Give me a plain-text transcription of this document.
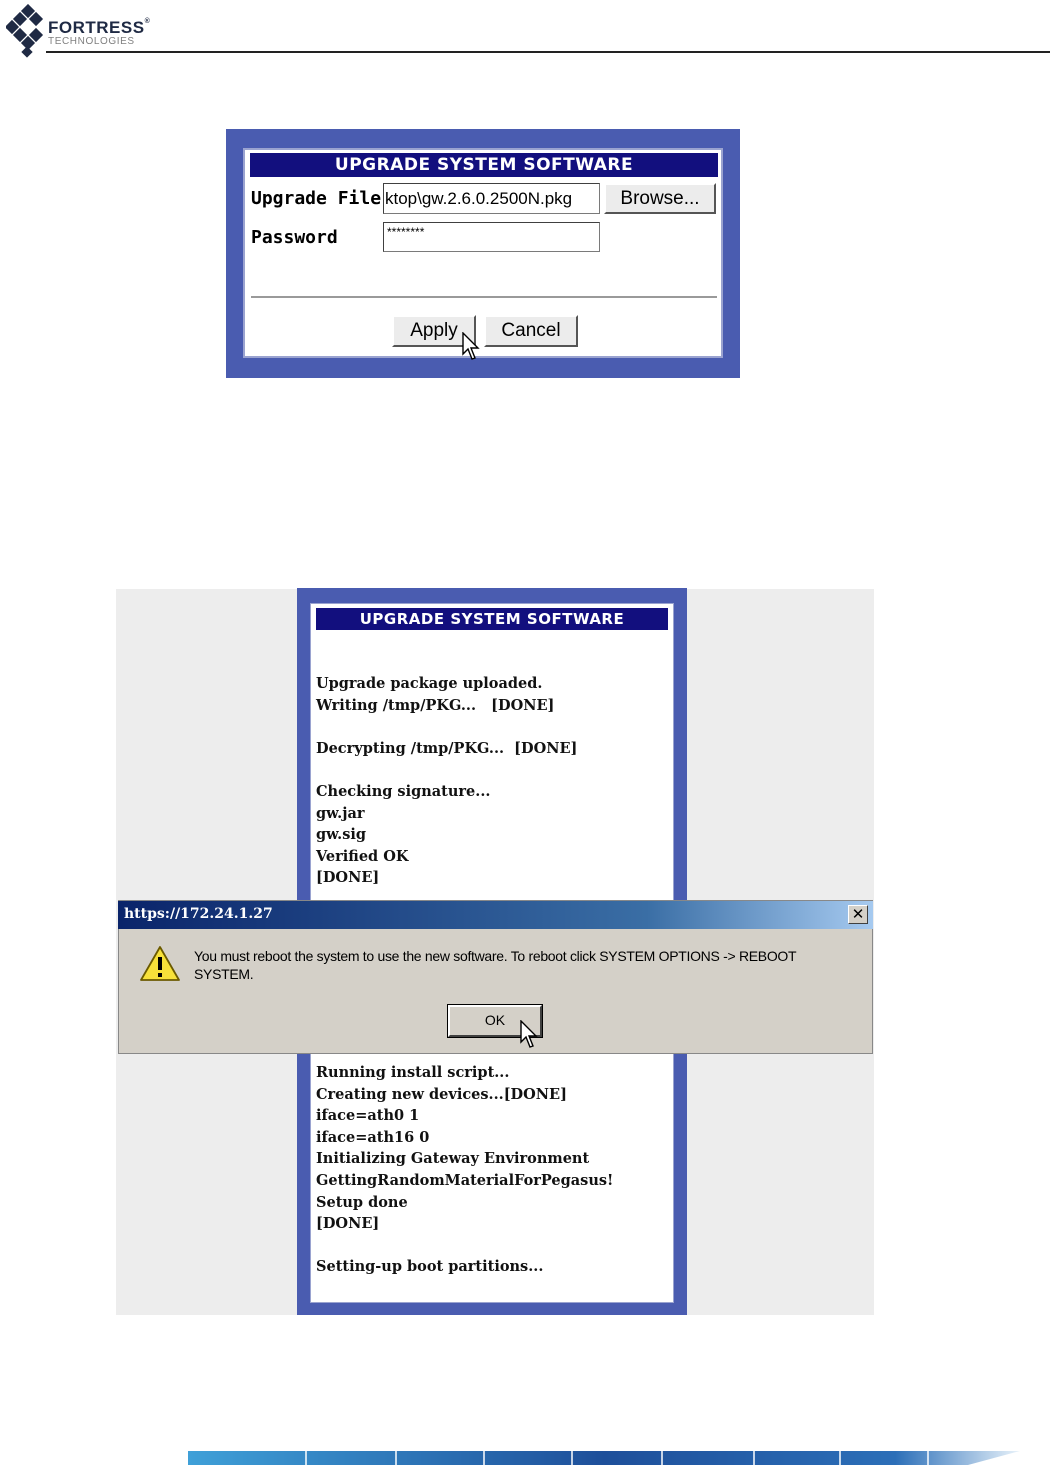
FORTRESS®
TECHNOLOGIES
UPGRADE SYSTEM SOFTWARE
Upgrade File ktop\gw.2.6.0.2500N.pkg	Browse...
Password	********
Apply	Cancel
UPGRADE SYSTEM SOFTWARE
Upgrade package uploaded.
Writing /tmp/PKG...   [DONE]
Decrypting /tmp/PKG...  [DONE]
Checking signature...
gw.jar
gw.sig
Verified OK
[DONE]
Running install script...
Creating new devices...[DONE]
iface=ath0 1
iface=ath16 0
Initializing Gateway Environment
GettingRandomMaterialForPegasus!
Setup done
[DONE]
Setting-up boot partitions...
https://172.24.1.27	✕
You must reboot the system to use the new software. To reboot click SYSTEM OPTIONS -> REBOOT SYSTEM.
OK
